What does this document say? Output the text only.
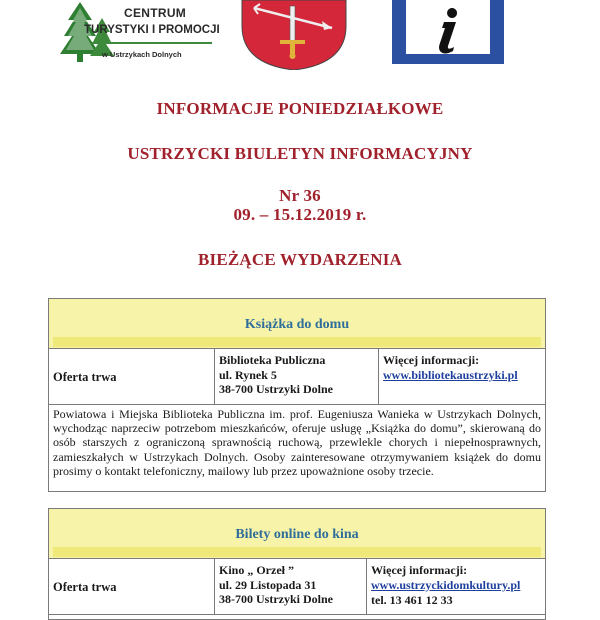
CENTRUM
TURYSTYKI I PROMOCJI
w Ustrzykach Dolnych
INFORMACJE PONIEDZIAŁKOWE
USTRZYCKI BIULETYN INFORMACYJNY
Nr 36
09. – 15.12.2019 r.
BIEŻĄCE WYDARZENIA
Książka do domu
Oferta trwa
Biblioteka Publiczna
ul. Rynek 5
38-700 Ustrzyki Dolne
Więcej informacji:
www.bibliotekaustrzyki.pl
Powiatowa i Miejska Biblioteka Publiczna im. prof. Eugeniusza Wanieka w Ustrzykach Dolnych, wychodząc naprzeciw potrzebom mieszkańców, oferuje usługę „Książka do domu”, skierowaną do osób starszych z ograniczoną sprawnością ruchową, przewlekle chorych i niepełnosprawnych, zamieszkałych w Ustrzykach Dolnych. Osoby zainteresowane otrzymywaniem książek do domu prosimy o kontakt telefoniczny, mailowy lub przez upoważnione osoby trzecie.
Bilety online do kina
Oferta trwa
Kino „ Orzeł ”
ul. 29 Listopada 31
38-700 Ustrzyki Dolne
Więcej informacji:
www.ustrzyckidomkultury.pl
tel. 13 461 12 33
